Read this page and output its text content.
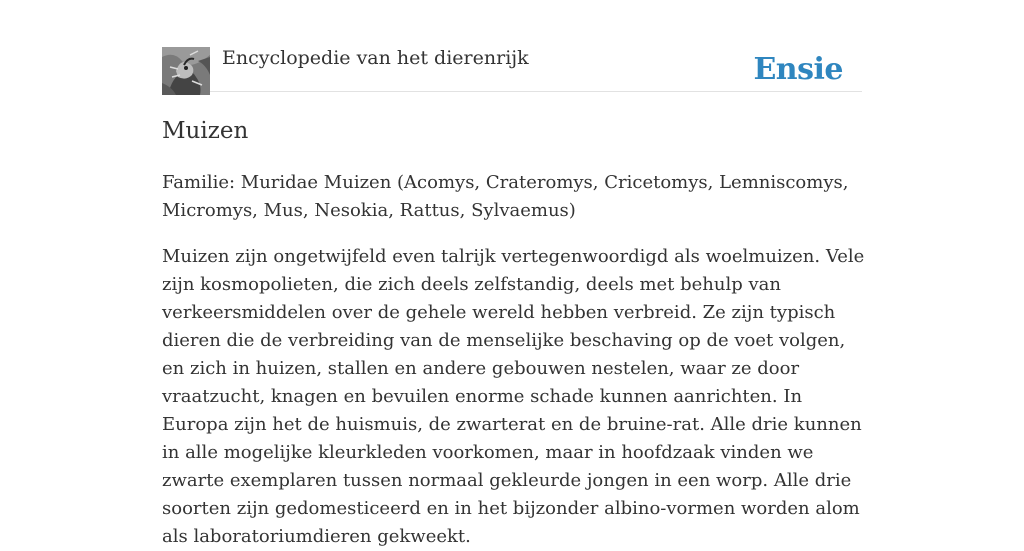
Encyclopedie van het dierenrijk	Ensie
Muizen

Familie: Muridae Muizen (Acomys, Crateromys, Cricetomys, Lemniscomys, Micromys, Mus, Nesokia, Rattus, Sylvaemus)

Muizen zijn ongetwijfeld even talrijk vertegenwoordigd als woelmuizen. Vele zijn kosmopolieten, die zich deels zelfstandig, deels met behulp van verkeersmiddelen over de gehele wereld hebben verbreid. Ze zijn typisch dieren die de verbreiding van de menselijke beschaving op de voet volgen, en zich in huizen, stallen en andere gebouwen nestelen, waar ze door vraatzucht, knagen en bevuilen enorme schade kunnen aanrichten. In Europa zijn het de huismuis, de zwarterat en de bruine-rat. Alle drie kunnen in alle mogelijke kleurkleden voorkomen, maar in hoofdzaak vinden we zwarte exemplaren tussen normaal gekleurde jongen in een worp. Alle drie soorten zijn gedomesticeerd en in het bijzonder albino-vormen worden alom als laboratoriumdieren gekweekt.
